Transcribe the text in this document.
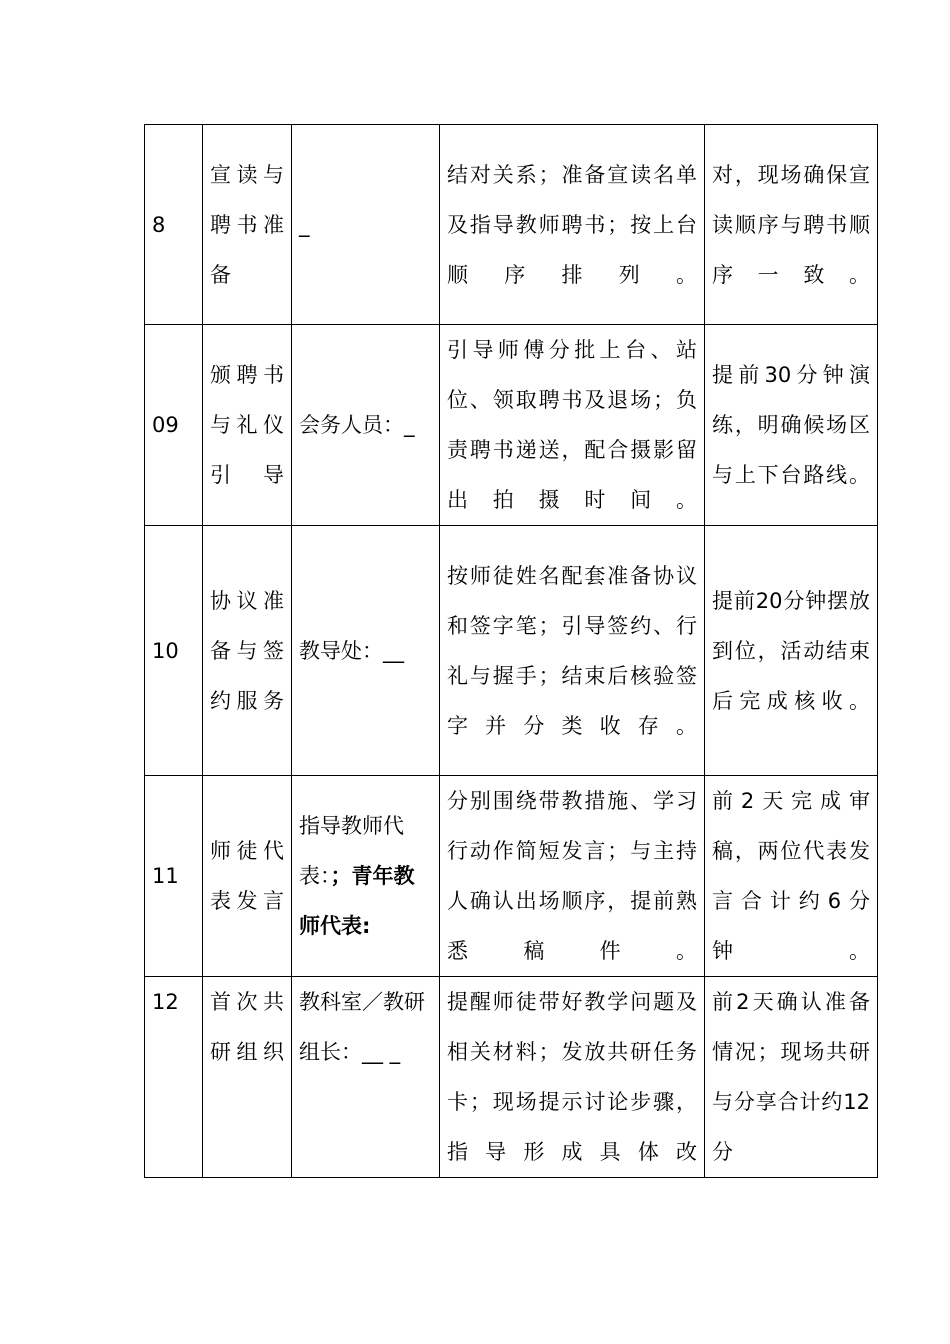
8	宣读与聘书准备	_	结对关系；准备宣读名单及指导教师聘书；按上台顺序排列。	对，现场确保宣读顺序与聘书顺序一致。

09	颁聘书与礼仪引导	会务人员：_	引导师傅分批上台、站位、领取聘书及退场；负责聘书递送，配合摄影留出拍摄时间。	提前30分钟演练，明确候场区与上下台路线。

10	协议准备与签约服务	教导处：__	按师徒姓名配套准备协议和签字笔；引导签约、行礼与握手；结束后核验签字并分类收存。	提前20分钟摆放到位，活动结束后完成核收。

11	师徒代表发言	指导教师代表：；青年教师代表:	分别围绕带教措施、学习行动作简短发言；与主持人确认出场顺序，提前熟悉稿件。	前2天完成审稿，两位代表发言合计约6分钟。

12	首次共研组织	教科室／教研组长：__ _	提醒师徒带好教学问题及相关材料；发放共研任务卡；现场提示讨论步骤，指导形成具体改	前2天确认准备情况；现场共研与分享合计约12分
